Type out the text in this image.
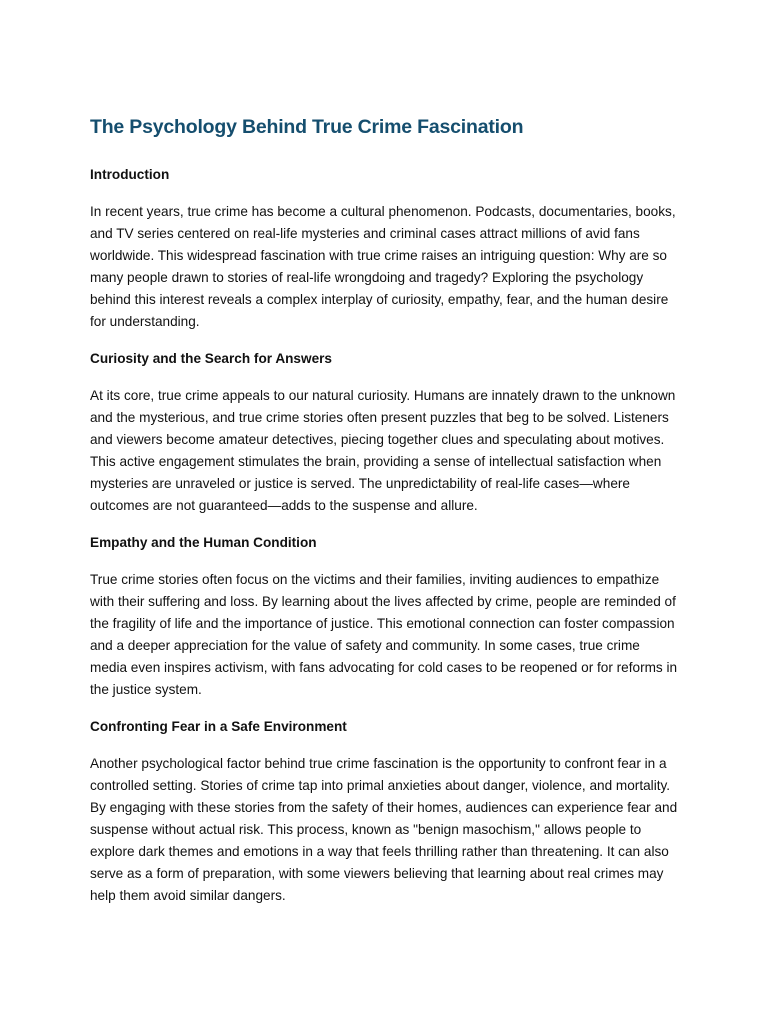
The Psychology Behind True Crime Fascination
Introduction

In recent years, true crime has become a cultural phenomenon. Podcasts, documentaries, books, and TV series centered on real-life mysteries and criminal cases attract millions of avid fans worldwide. This widespread fascination with true crime raises an intriguing question: Why are so many people drawn to stories of real-life wrongdoing and tragedy? Exploring the psychology behind this interest reveals a complex interplay of curiosity, empathy, fear, and the human desire for understanding.

Curiosity and the Search for Answers

At its core, true crime appeals to our natural curiosity. Humans are innately drawn to the unknown and the mysterious, and true crime stories often present puzzles that beg to be solved. Listeners and viewers become amateur detectives, piecing together clues and speculating about motives. This active engagement stimulates the brain, providing a sense of intellectual satisfaction when mysteries are unraveled or justice is served. The unpredictability of real-life cases—where outcomes are not guaranteed—adds to the suspense and allure.

Empathy and the Human Condition

True crime stories often focus on the victims and their families, inviting audiences to empathize with their suffering and loss. By learning about the lives affected by crime, people are reminded of the fragility of life and the importance of justice. This emotional connection can foster compassion and a deeper appreciation for the value of safety and community. In some cases, true crime media even inspires activism, with fans advocating for cold cases to be reopened or for reforms in the justice system.

Confronting Fear in a Safe Environment

Another psychological factor behind true crime fascination is the opportunity to confront fear in a controlled setting. Stories of crime tap into primal anxieties about danger, violence, and mortality. By engaging with these stories from the safety of their homes, audiences can experience fear and suspense without actual risk. This process, known as "benign masochism," allows people to explore dark themes and emotions in a way that feels thrilling rather than threatening. It can also serve as a form of preparation, with some viewers believing that learning about real crimes may help them avoid similar dangers.
